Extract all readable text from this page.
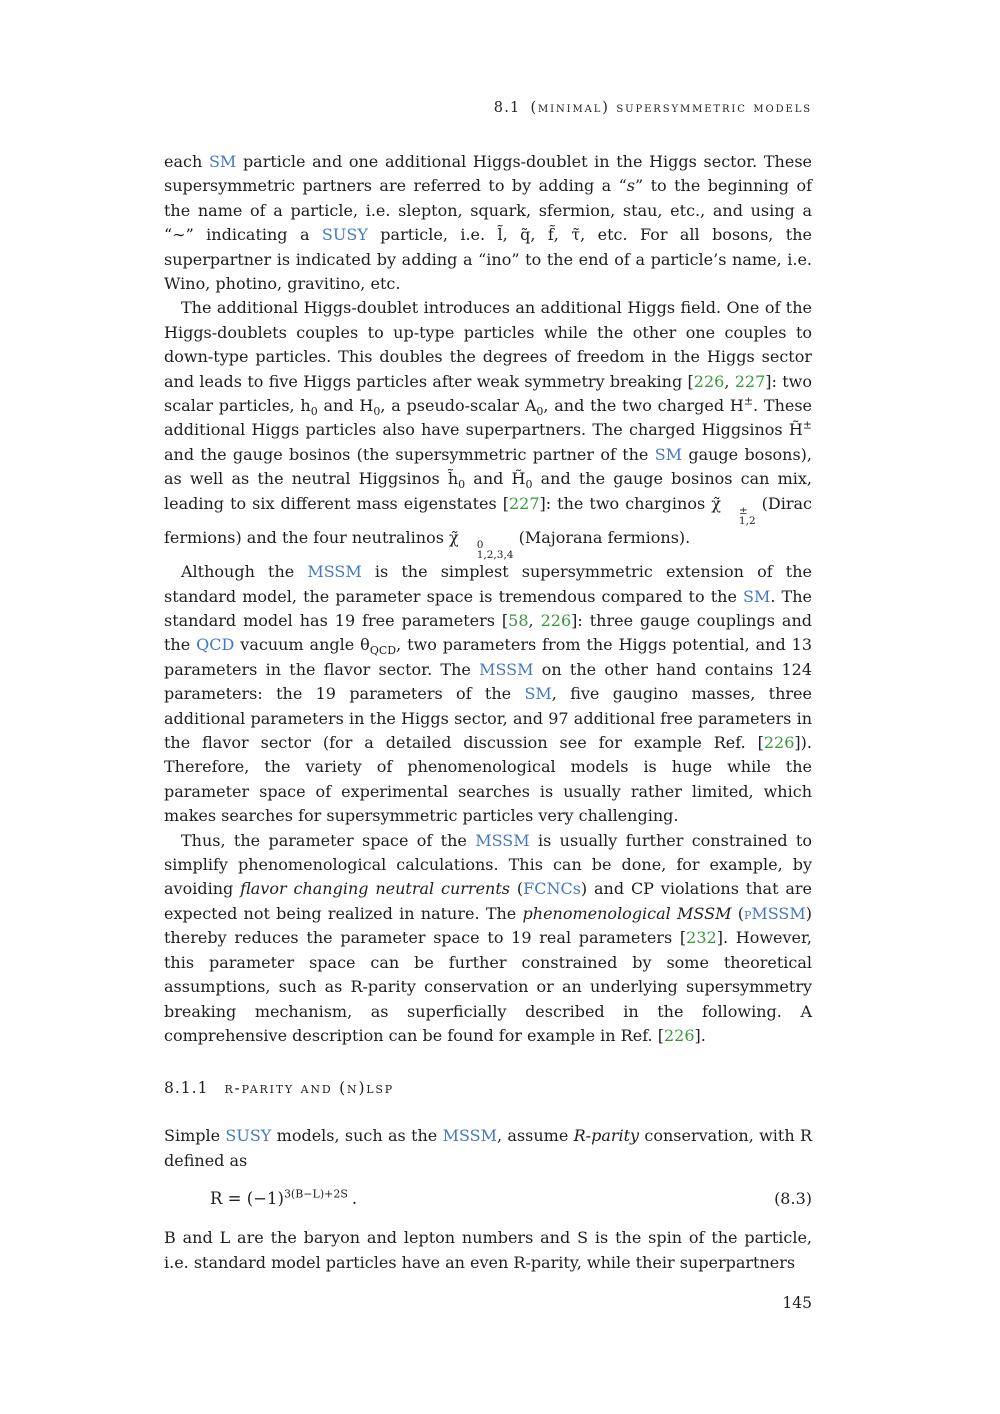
8.1 (minimal) supersymmetric models

each SM particle and one additional Higgs-doublet in the Higgs sector. These supersymmetric partners are referred to by adding a “s” to the beginning of the name of a particle, i.e. slepton, squark, sfermion, stau, etc., and using a “∼” indicating a SUSY particle, i.e. l̃, q̃, f̃, τ̃, etc. For all bosons, the superpartner is indicated by adding a “ino” to the end of a particle’s name, i.e. Wino, photino, gravitino, etc.

The additional Higgs-doublet introduces an additional Higgs field. One of the Higgs-doublets couples to up-type particles while the other one couples to down-type particles. This doubles the degrees of freedom in the Higgs sector and leads to five Higgs particles after weak symmetry breaking [226, 227]: two scalar particles, $h_0$ and $H_0$, a pseudo-scalar $A_0$, and the two charged H±. These additional Higgs particles also have superpartners. The charged Higgsinos H̃± and the gauge bosinos (the supersymmetric partner of the SM gauge bosons), as well as the neutral Higgsinos $h̃_0$ and $H̃_0$ and the gauge bosinos can mix, leading to six different mass eigenstates [227]: the two charginos χ̃	±
1,2
(Dirac fermions) and the four neutralinos χ̃	0
1,2,3,4
(Majorana fermions).

Although the MSSM is the simplest supersymmetric extension of the standard model, the parameter space is tremendous compared to the SM. The standard model has 19 free parameters [58, 226]: three gauge couplings and the QCD vacuum angle $\theta_{QCD}$, two parameters from the Higgs potential, and 13 parameters in the flavor sector. The MSSM on the other hand contains 124 parameters: the 19 parameters of the SM, five gaugino masses, three additional parameters in the Higgs sector, and 97 additional free parameters in the flavor sector (for a detailed discussion see for example Ref. [226]). Therefore, the variety of phenomenological models is huge while the parameter space of experimental searches is usually rather limited, which makes searches for supersymmetric particles very challenging.

Thus, the parameter space of the MSSM is usually further constrained to simplify phenomenological calculations. This can be done, for example, by avoiding flavor changing neutral currents (FCNCs) and CP violations that are expected not being realized in nature. The phenomenological MSSM (pMSSM) thereby reduces the parameter space to 19 real parameters [232]. However, this parameter space can be further constrained by some theoretical assumptions, such as R-parity conservation or an underlying supersymmetry breaking mechanism, as superficially described in the following. A comprehensive description can be found for example in Ref. [226].

8.1.1 r-parity and (n)lsp

Simple SUSY models, such as the MSSM, assume R-parity conservation, with R defined as

$R = (-1)^{3(B-L)+2S}$ .	(8.3)

B and L are the baryon and lepton numbers and S is the spin of the particle, i.e. standard model particles have an even R-parity, while their superpartners

145
